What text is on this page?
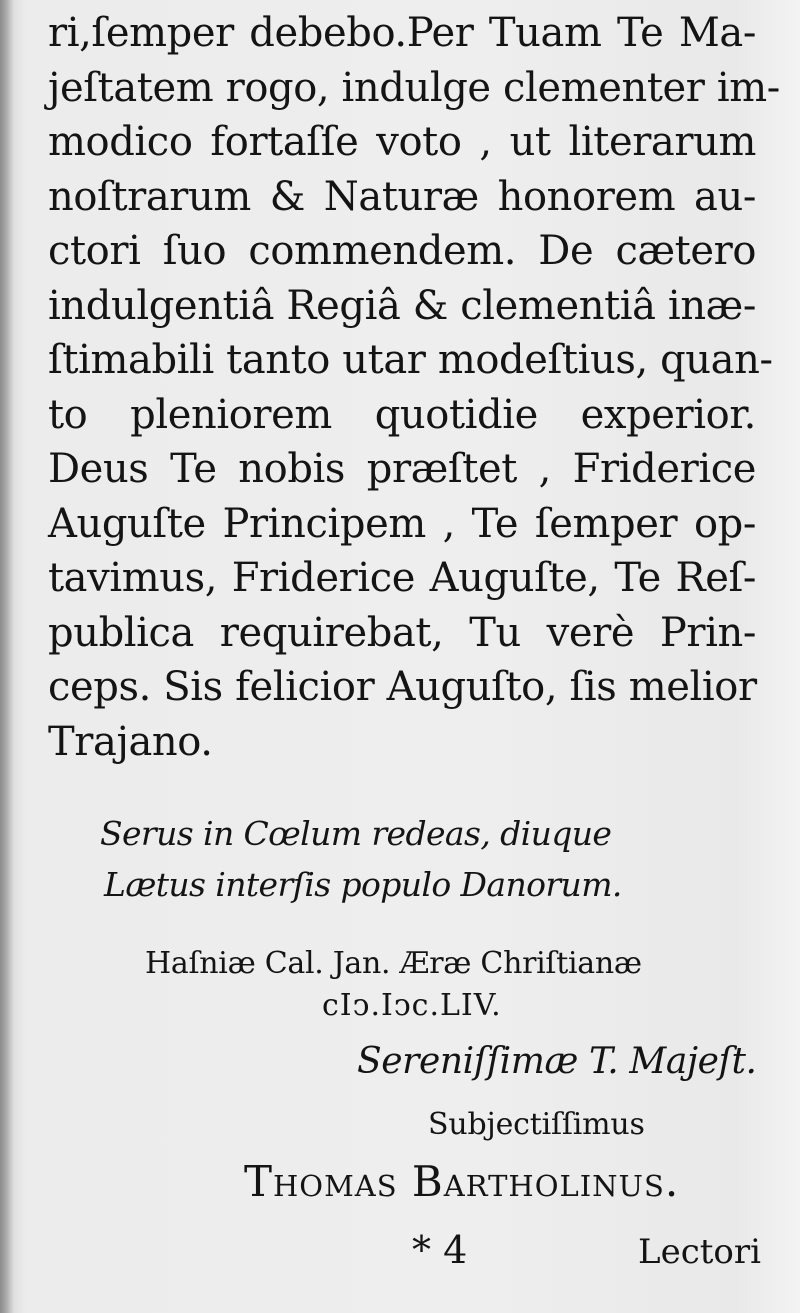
ri,ſemper debebo.Per Tuam Te Ma-
jeſtatem rogo, indulge clementer im-
modico fortaſſe voto , ut literarum
noſtrarum & Naturæ honorem au-
ctori ſuo commendem. De cætero
indulgentiâ Regiâ & clementiâ inæ-
ſtimabili tanto utar modeſtius, quan-
to pleniorem quotidie experior.
Deus Te nobis præſtet , Friderice
Auguſte Principem , Te ſemper op-
tavimus, Friderice Auguſte, Te Reſ-
publica requirebat, Tu verè Prin-
ceps. Sis felicior Auguſto, ſis melior
Trajano.
Serus in Cœlum redeas, diuque
Lætus interſis populo Danorum.
Haſniæ Cal. Jan. Æræ Chriſtianæ
cIↄ.Iↄc.LIV.
Sereniſſimæ T. Majeſt.
Subjectiſſimus
Thomas Bartholinus.
* 4	Lectori
